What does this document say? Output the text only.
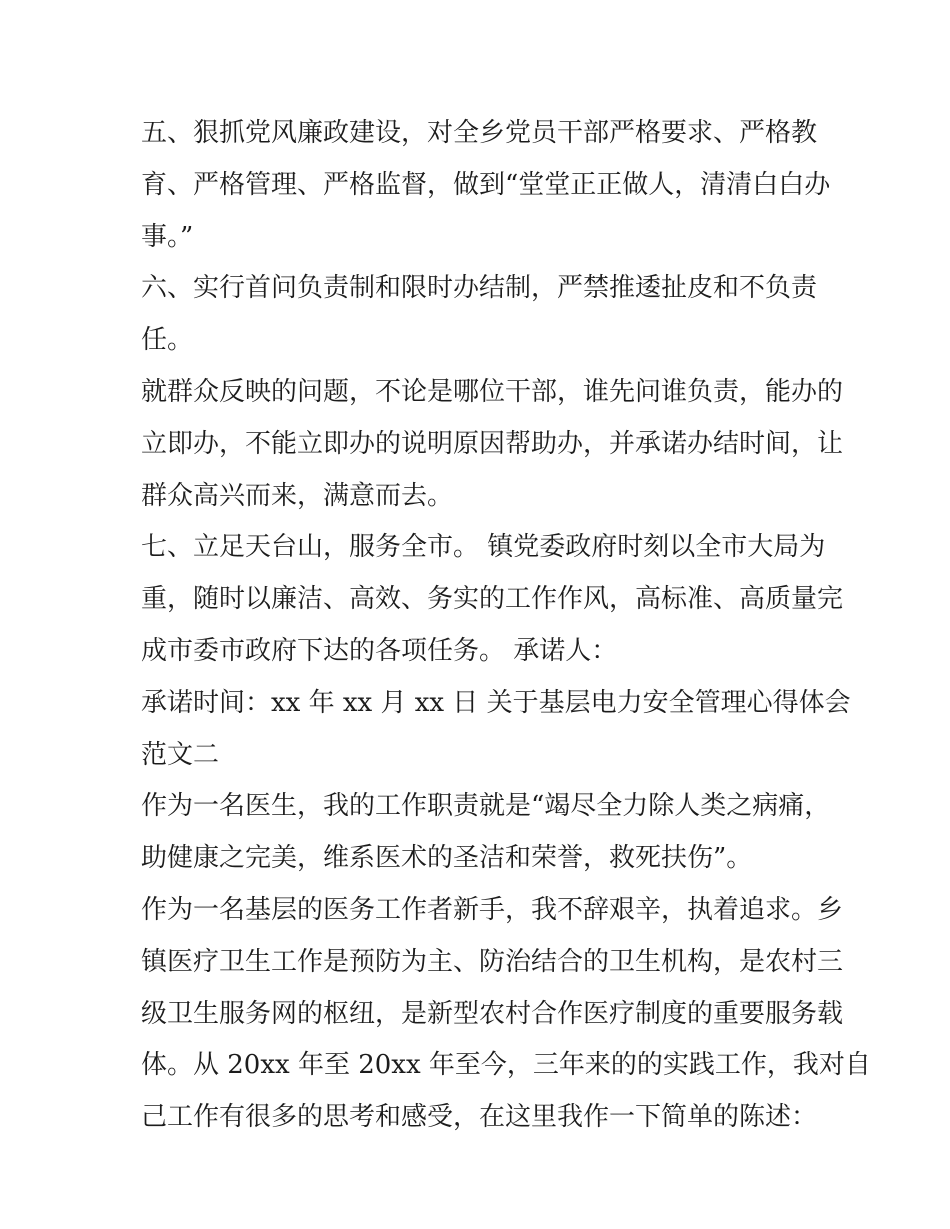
五、狠抓党风廉政建设，对全乡党员干部严格要求、严格教

育、严格管理、严格监督，做到“堂堂正正做人，清清白白办

事。”

六、实行首问负责制和限时办结制，严禁推逶扯皮和不负责

任。

就群众反映的问题，不论是哪位干部，谁先问谁负责，能办的

立即办，不能立即办的说明原因帮助办，并承诺办结时间，让

群众高兴而来，满意而去。

七、立足天台山，服务全市。 镇党委政府时刻以全市大局为

重，随时以廉洁、高效、务实的工作作风，高标准、高质量完

成市委市政府下达的各项任务。 承诺人：

承诺时间：xx 年 xx 月 xx 日 关于基层电力安全管理心得体会

范文二

作为一名医生，我的工作职责就是“竭尽全力除人类之病痛，

助健康之完美，维系医术的圣洁和荣誉，救死扶伤”。

作为一名基层的医务工作者新手，我不辞艰辛，执着追求。乡

镇医疗卫生工作是预防为主、防治结合的卫生机构，是农村三

级卫生服务网的枢纽，是新型农村合作医疗制度的重要服务载

体。从 20xx 年至 20xx 年至今，三年来的的实践工作，我对自

己工作有很多的思考和感受，在这里我作一下简单的陈述：
